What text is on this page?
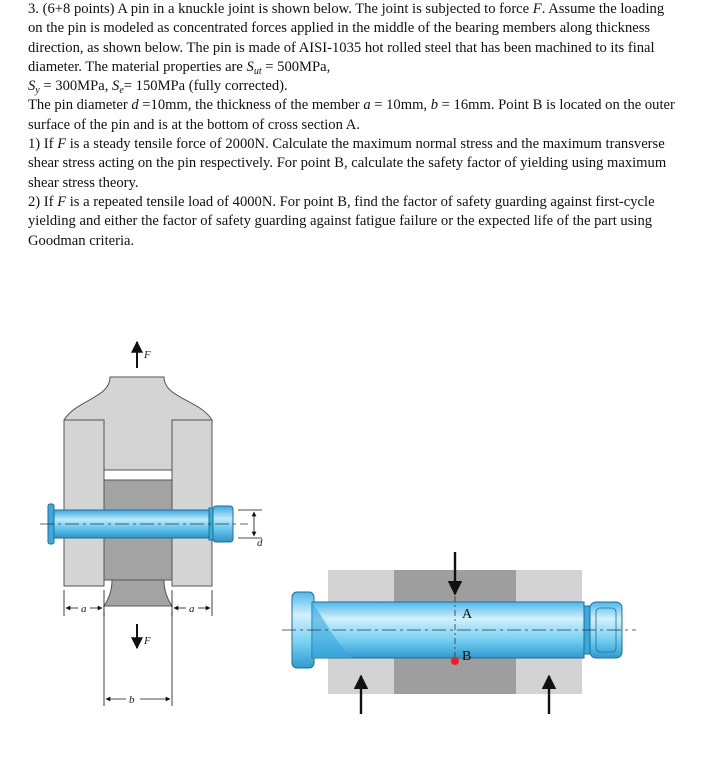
3. (6+8 points) A pin in a knuckle joint is shown below. The joint is subjected to force F. Assume the loading on the pin is modeled as concentrated forces applied in the middle of the bearing members along thickness direction, as shown below. The pin is made of AISI-1035 hot rolled steel that has been machined to its final diameter. The material properties are $S_{ut} = 500MPa$,
$S_y = 300MPa$, $S_e= 150MPa$ (fully corrected).

The pin diameter d =10mm, the thickness of the member a = 10mm, b = 16mm. Point B is located on the outer surface of the pin and is at the bottom of cross section A.

1) If F is a steady tensile force of 2000N. Calculate the maximum normal stress and the maximum transverse shear stress acting on the pin respectively. For point B, calculate the safety factor of yielding using maximum shear stress theory.

2) If F is a repeated tensile load of 4000N. For point B, find the factor of safety guarding against first-cycle yielding and either the factor of safety guarding against fatigue failure or the expected life of the part using Goodman criteria.

F
d
a	a
F
b
A
B
